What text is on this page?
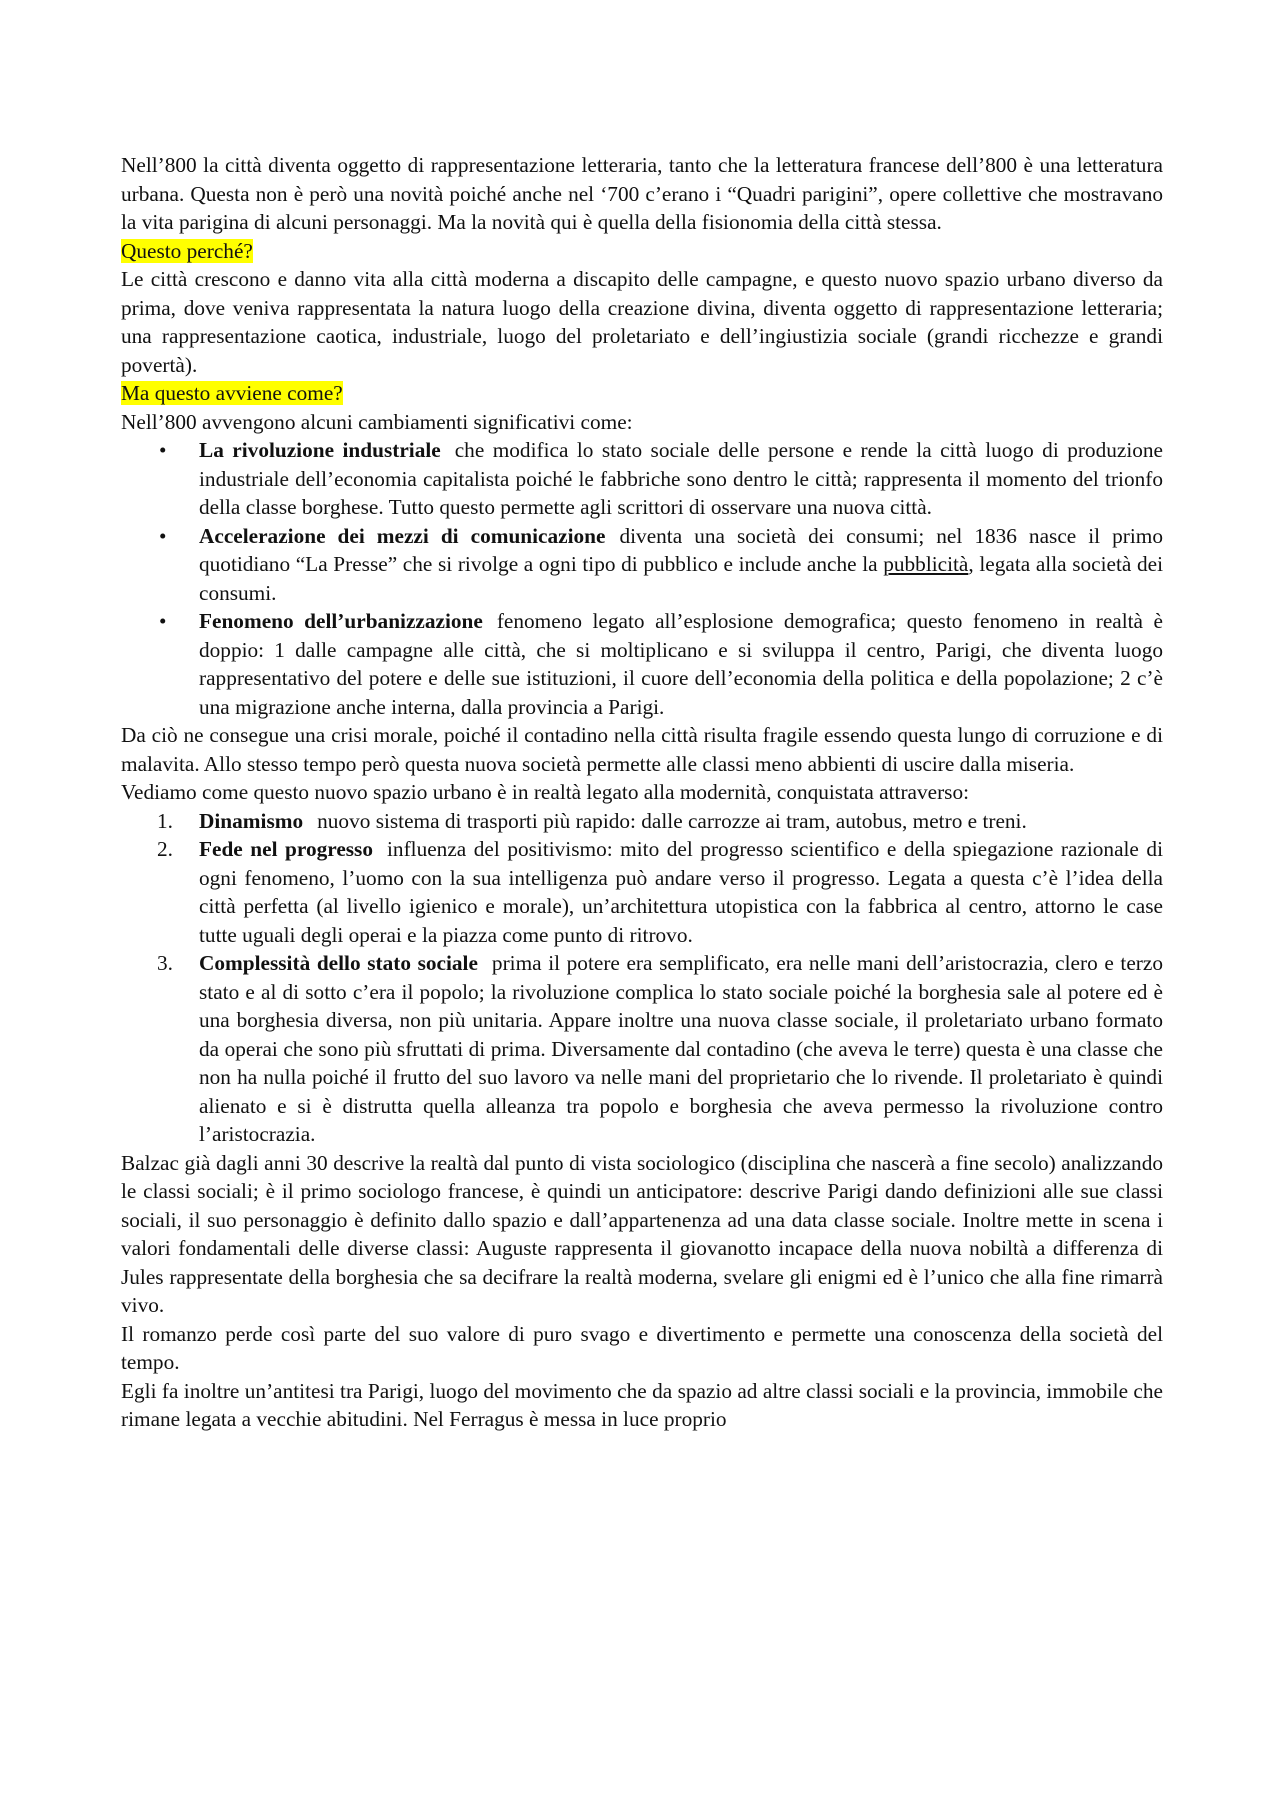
Nell’800 la città diventa oggetto di rappresentazione letteraria, tanto che la letteratura francese dell’800 è una letteratura urbana. Questa non è però una novità poiché anche nel ‘700 c’erano i “Quadri parigini”, opere collettive che mostravano la vita parigina di alcuni personaggi. Ma la novità qui è quella della fisionomia della città stessa.

Questo perché?

Le città crescono e danno vita alla città moderna a discapito delle campagne, e questo nuovo spazio urbano diverso da prima, dove veniva rappresentata la natura luogo della creazione divina, diventa oggetto di rappresentazione letteraria; una rappresentazione caotica, industriale, luogo del proletariato e dell’ingiustizia sociale (grandi ricchezze e grandi povertà).

Ma questo avviene come?

Nell’800 avvengono alcuni cambiamenti significativi come:

• La rivoluzione industriale che modifica lo stato sociale delle persone e rende la città luogo di produzione industriale dell’economia capitalista poiché le fabbriche sono dentro le città; rappresenta il momento del trionfo della classe borghese. Tutto questo permette agli scrittori di osservare una nuova città.
• Accelerazione dei mezzi di comunicazione diventa una società dei consumi; nel 1836 nasce il primo quotidiano “La Presse” che si rivolge a ogni tipo di pubblico e include anche la pubblicità, legata alla società dei consumi.
• Fenomeno dell’urbanizzazione fenomeno legato all’esplosione demografica; questo fenomeno in realtà è doppio: 1 dalle campagne alle città, che si moltiplicano e si sviluppa il centro, Parigi, che diventa luogo rappresentativo del potere e delle sue istituzioni, il cuore dell’economia della politica e della popolazione; 2 c’è una migrazione anche interna, dalla provincia a Parigi.

Da ciò ne consegue una crisi morale, poiché il contadino nella città risulta fragile essendo questa lungo di corruzione e di malavita. Allo stesso tempo però questa nuova società permette alle classi meno abbienti di uscire dalla miseria.

Vediamo come questo nuovo spazio urbano è in realtà legato alla modernità, conquistata attraverso:

1. Dinamismo nuovo sistema di trasporti più rapido: dalle carrozze ai tram, autobus, metro e treni.
2. Fede nel progresso influenza del positivismo: mito del progresso scientifico e della spiegazione razionale di ogni fenomeno, l’uomo con la sua intelligenza può andare verso il progresso. Legata a questa c’è l’idea della città perfetta (al livello igienico e morale), un’architettura utopistica con la fabbrica al centro, attorno le case tutte uguali degli operai e la piazza come punto di ritrovo.
3. Complessità dello stato sociale prima il potere era semplificato, era nelle mani dell’aristocrazia, clero e terzo stato e al di sotto c’era il popolo; la rivoluzione complica lo stato sociale poiché la borghesia sale al potere ed è una borghesia diversa, non più unitaria. Appare inoltre una nuova classe sociale, il proletariato urbano formato da operai che sono più sfruttati di prima. Diversamente dal contadino (che aveva le terre) questa è una classe che non ha nulla poiché il frutto del suo lavoro va nelle mani del proprietario che lo rivende. Il proletariato è quindi alienato e si è distrutta quella alleanza tra popolo e borghesia che aveva permesso la rivoluzione contro l’aristocrazia.

Balzac già dagli anni 30 descrive la realtà dal punto di vista sociologico (disciplina che nascerà a fine secolo) analizzando le classi sociali; è il primo sociologo francese, è quindi un anticipatore: descrive Parigi dando definizioni alle sue classi sociali, il suo personaggio è definito dallo spazio e dall’appartenenza ad una data classe sociale. Inoltre mette in scena i valori fondamentali delle diverse classi: Auguste rappresenta il giovanotto incapace della nuova nobiltà a differenza di Jules rappresentate della borghesia che sa decifrare la realtà moderna, svelare gli enigmi ed è l’unico che alla fine rimarrà vivo.

Il romanzo perde così parte del suo valore di puro svago e divertimento e permette una conoscenza della società del tempo.

Egli fa inoltre un’antitesi tra Parigi, luogo del movimento che da spazio ad altre classi sociali e la provincia, immobile che rimane legata a vecchie abitudini. Nel Ferragus è messa in luce proprio
